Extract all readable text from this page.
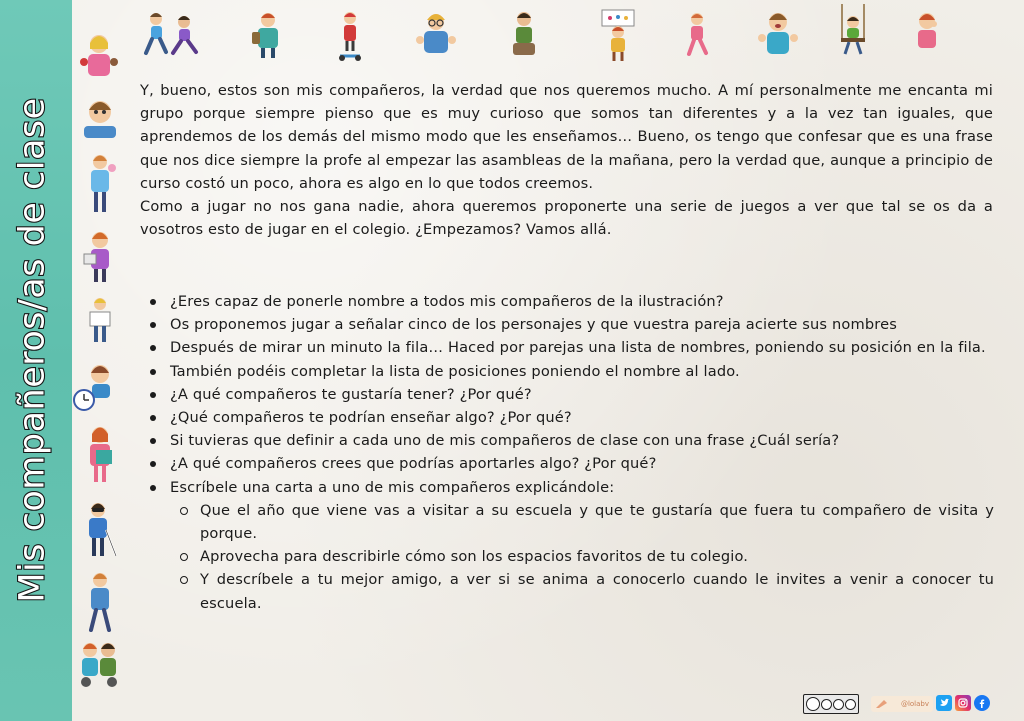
Mis compañeros/as de clase

Y, bueno, estos son mis compañeros, la verdad que nos queremos mucho. A mí personalmente me encanta mi grupo porque siempre pienso que es muy curioso que somos tan diferentes y a la vez tan iguales, que aprendemos de los demás del mismo modo que les enseñamos… Bueno, os tengo que confesar que es una frase que nos dice siempre la profe al empezar las asambleas de la mañana, pero la verdad que, aunque a principio de curso costó un poco, ahora es algo en lo que todos creemos.

Como a jugar no nos gana nadie, ahora queremos proponerte una serie de juegos a ver que tal se os da a vosotros esto de jugar en el colegio. ¿Empezamos? Vamos allá.

¿Eres capaz de ponerle nombre a todos mis compañeros de la ilustración?
Os proponemos jugar a señalar cinco de los personajes y que vuestra pareja acierte sus nombres
Después de mirar un minuto la fila… Haced por parejas una lista de nombres, poniendo su posición en la fila.
También podéis completar la lista de posiciones poniendo el nombre al lado.
¿A qué compañeros te gustaría tener? ¿Por qué?
¿Qué compañeros te podrían enseñar algo? ¿Por qué?
Si tuvieras que definir a cada uno de mis compañeros de clase con una frase ¿Cuál sería?
¿A qué compañeros crees que podrías aportarles algo? ¿Por qué?
Escríbele una carta a uno de mis compañeros explicándole:
Que el año que viene vas a visitar a su escuela y que te gustaría que fuera tu compañero de visita y porque.
Aprovecha para describirle cómo son los espacios favoritos de tu colegio.
Y descríbele a tu mejor amigo, a ver si se anima a conocerlo cuando le invites a venir a conocer tu escuela.
@lolabv
